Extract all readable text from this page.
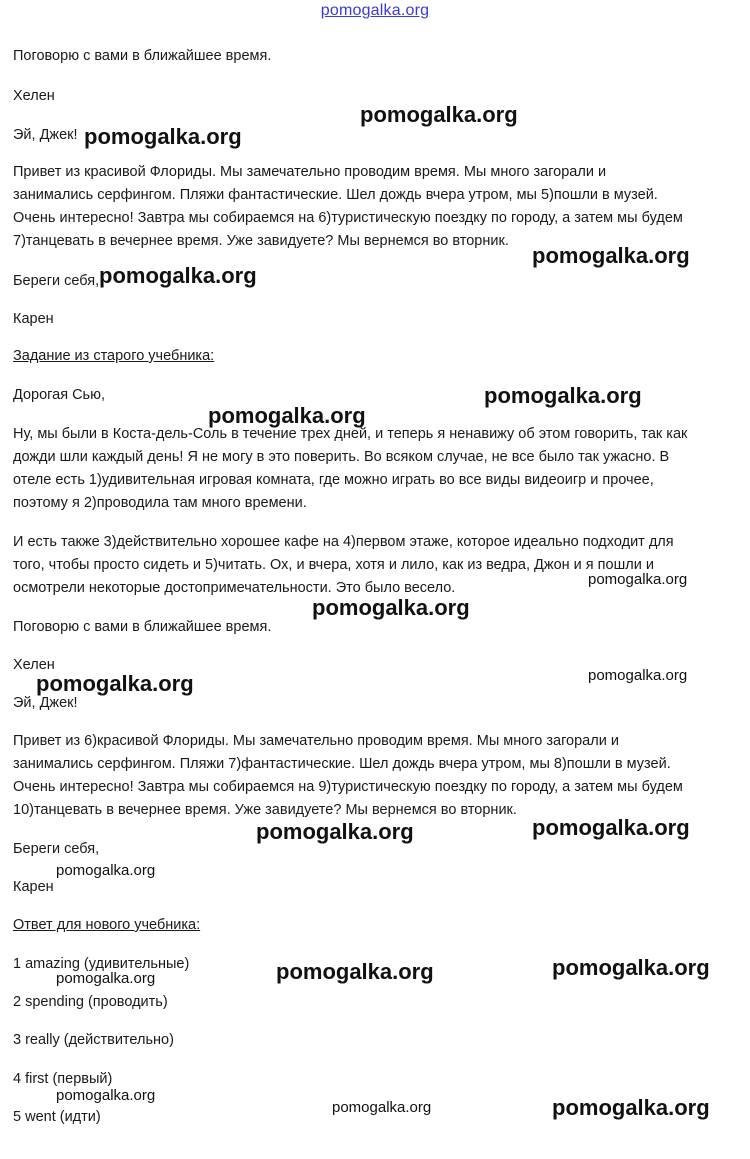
pomogalka.org
Поговорю с вами в ближайшее время.
Хелен
Эй, Джек!
Привет из красивой Флориды. Мы замечательно проводим время. Мы много загорали и
занимались серфингом. Пляжи фантастические. Шел дождь вчера утром, мы 5)пошли в музей.
Очень интересно! Завтра мы собираемся на 6)туристическую поездку по городу, а затем мы будем
7)танцевать в вечернее время. Уже завидуете? Мы вернемся во вторник.
Береги себя,
Карен
Задание из старого учебника:
Дорогая Сью,
Ну, мы были в Коста-дель-Соль в течение трех дней, и теперь я ненавижу об этом говорить, так как
дожди шли каждый день! Я не могу в это поверить. Во всяком случае, не все было так ужасно. В
отеле есть 1)удивительная игровая комната, где можно играть во все виды видеоигр и прочее,
поэтому я 2)проводила там много времени.
И есть также 3)действительно хорошее кафе на 4)первом этаже, которое идеально подходит для
того, чтобы просто сидеть и 5)читать. Ох, и вчера, хотя и лило, как из ведра, Джон и я пошли и
осмотрели некоторые достопримечательности. Это было весело.
Поговорю с вами в ближайшее время.
Хелен
Эй, Джек!
Привет из 6)красивой Флориды. Мы замечательно проводим время. Мы много загорали и
занимались серфингом. Пляжи 7)фантастические. Шел дождь вчера утром, мы 8)пошли в музей.
Очень интересно! Завтра мы собираемся на 9)туристическую поездку по городу, а затем мы будем
10)танцевать в вечернее время. Уже завидуете? Мы вернемся во вторник.
Береги себя,
Карен
Ответ для нового учебника:
1 amazing (удивительные)
2 spending (проводить)
3 really (действительно)
4 first (первый)
5 went (идти)
pomogalka.org
pomogalka.org
pomogalka.org
pomogalka.org
pomogalka.org
pomogalka.org
pomogalka.org
pomogalka.org
pomogalka.org
pomogalka.org
pomogalka.org
pomogalka.org
pomogalka.org
pomogalka.org
pomogalka.org
pomogalka.org
pomogalka.org
pomogalka.org	pomogalka.org
